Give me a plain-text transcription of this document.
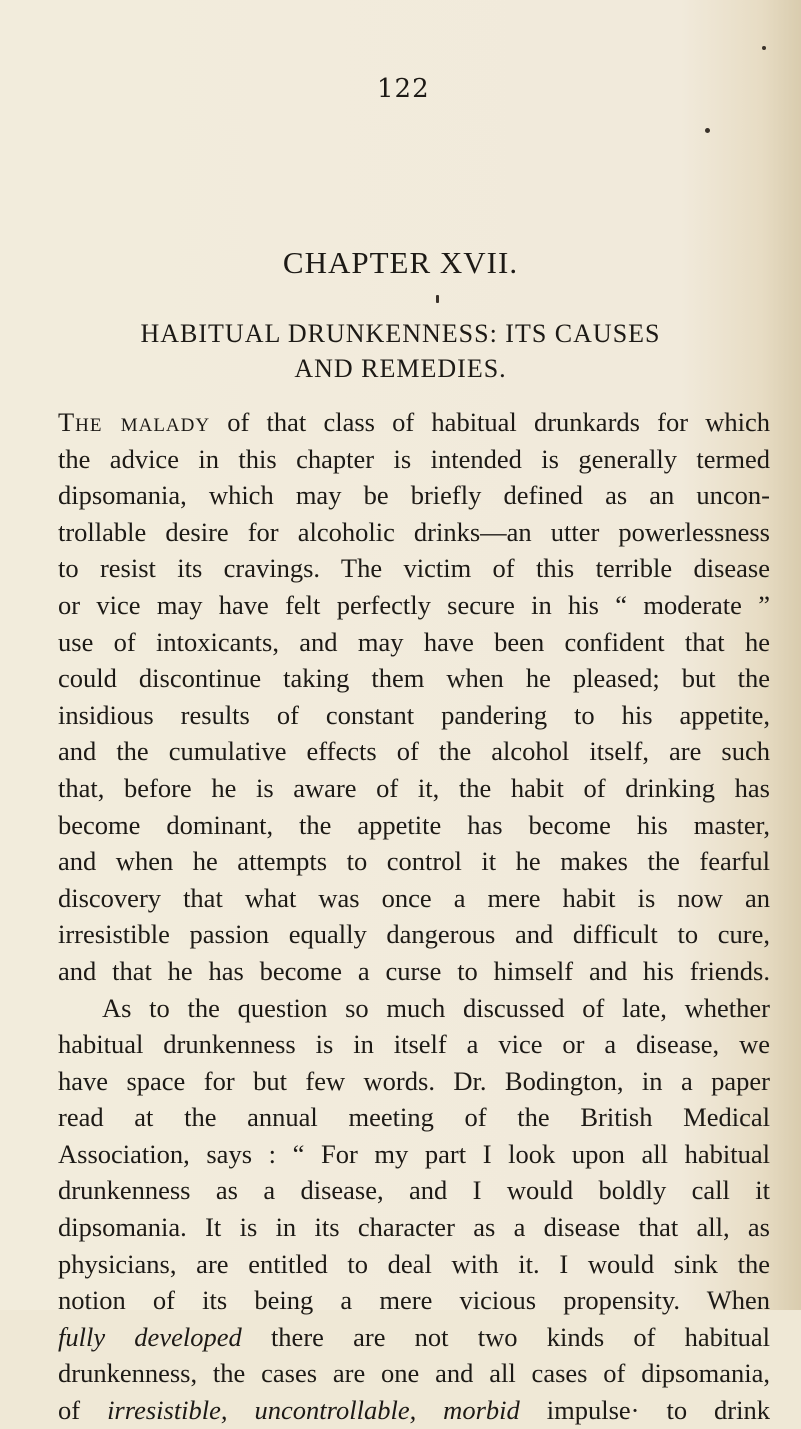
122
CHAPTER XVII.
HABITUAL DRUNKENNESS: ITS CAUSES
AND REMEDIES.
The malady of that class of habitual drunkards for which
the advice in this chapter is intended is generally termed
dipsomania, which may be briefly defined as an uncon-
trollable desire for alcoholic drinks—an utter powerlessness
to resist its cravings. The victim of this terrible disease
or vice may have felt perfectly secure in his “ moderate ”
use of intoxicants, and may have been confident that he
could discontinue taking them when he pleased; but the
insidious results of constant pandering to his appetite,
and the cumulative effects of the alcohol itself, are such
that, before he is aware of it, the habit of drinking has
become dominant, the appetite has become his master,
and when he attempts to control it he makes the fearful
discovery that what was once a mere habit is now an
irresistible passion equally dangerous and difficult to cure,
and that he has become a curse to himself and his friends.
As to the question so much discussed of late, whether
habitual drunkenness is in itself a vice or a disease, we
have space for but few words. Dr. Bodington, in a paper
read at the annual meeting of the British Medical
Association, says : “ For my part I look upon all habitual
drunkenness as a disease, and I would boldly call it
dipsomania. It is in its character as a disease that all, as
physicians, are entitled to deal with it. I would sink the
notion of its being a mere vicious propensity. When
fully developed there are not two kinds of habitual
drunkenness, the cases are one and all cases of dipsomania,
of irresistible, uncontrollable, morbid impulse· to drink
